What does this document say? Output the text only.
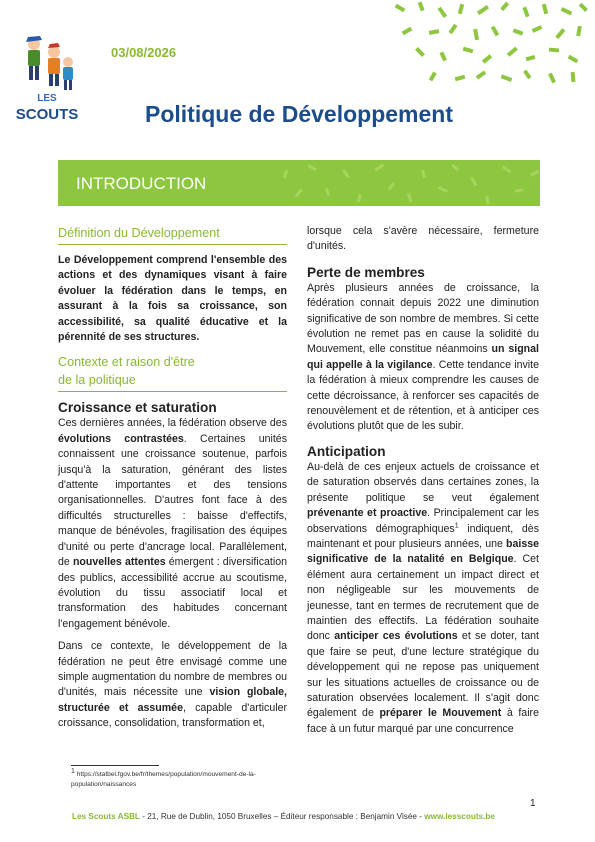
LES
SCOUTS
03/08/2026
Politique de Développement
INTRODUCTION
Définition du Développement

Le Développement comprend l'ensemble des actions et des dynamiques visant à faire évoluer la fédération dans le temps, en assurant à la fois sa croissance, son accessibilité, sa qualité éducative et la pérennité de ses structures.

Contexte et raison d'être
de la politique

Croissance et saturation

Ces dernières années, la fédération observe des évolutions contrastées. Certaines unités connaissent une croissance soutenue, parfois jusqu'à la saturation, générant des listes d'attente importantes et des tensions organisationnelles. D'autres font face à des difficultés structurelles : baisse d'effectifs, manque de bénévoles, fragilisation des équipes d'unité ou perte d'ancrage local. Parallèlement, de nouvelles attentes émergent : diversification des publics, accessibilité accrue au scoutisme, évolution du tissu associatif local et transformation des habitudes concernant l'engagement bénévole.

Dans ce contexte, le développement de la fédération ne peut être envisagé comme une simple augmentation du nombre de membres ou d'unités, mais nécessite une vision globale, structurée et assumée, capable d'articuler croissance, consolidation, transformation et,

lorsque cela s'avère nécessaire, fermeture d'unités.

Perte de membres

Après plusieurs années de croissance, la fédération connait depuis 2022 une diminution significative de son nombre de membres. Si cette évolution ne remet pas en cause la solidité du Mouvement, elle constitue néanmoins un signal qui appelle à la vigilance. Cette tendance invite la fédération à mieux comprendre les causes de cette décroissance, à renforcer ses capacités de renouvèlement et de rétention, et à anticiper ces évolutions plutôt que de les subir.

Anticipation

Au-delà de ces enjeux actuels de croissance et de saturation observés dans certaines zones, la présente politique se veut également prévenante et proactive. Principalement car les observations démographiques$^1$ indiquent, dès maintenant et pour plusieurs années, une baisse significative de la natalité en Belgique. Cet élément aura certainement un impact direct et non négligeable sur les mouvements de jeunesse, tant en termes de recrutement que de maintien des effectifs. La fédération souhaite donc anticiper ces évolutions et se doter, tant que faire se peut, d'une lecture stratégique du développement qui ne repose pas uniquement sur les situations actuelles de croissance ou de saturation observées localement. Il s'agit donc également de préparer le Mouvement à faire face à un futur marqué par une concurrence

$^1$ https://statbel.fgov.be/fr/themes/population/mouvement-de-la-population/naissances
1
Les Scouts ASBL - 21, Rue de Dublin, 1050 Bruxelles – Éditeur responsable : Benjamin Visée - www.lesscouts.be
